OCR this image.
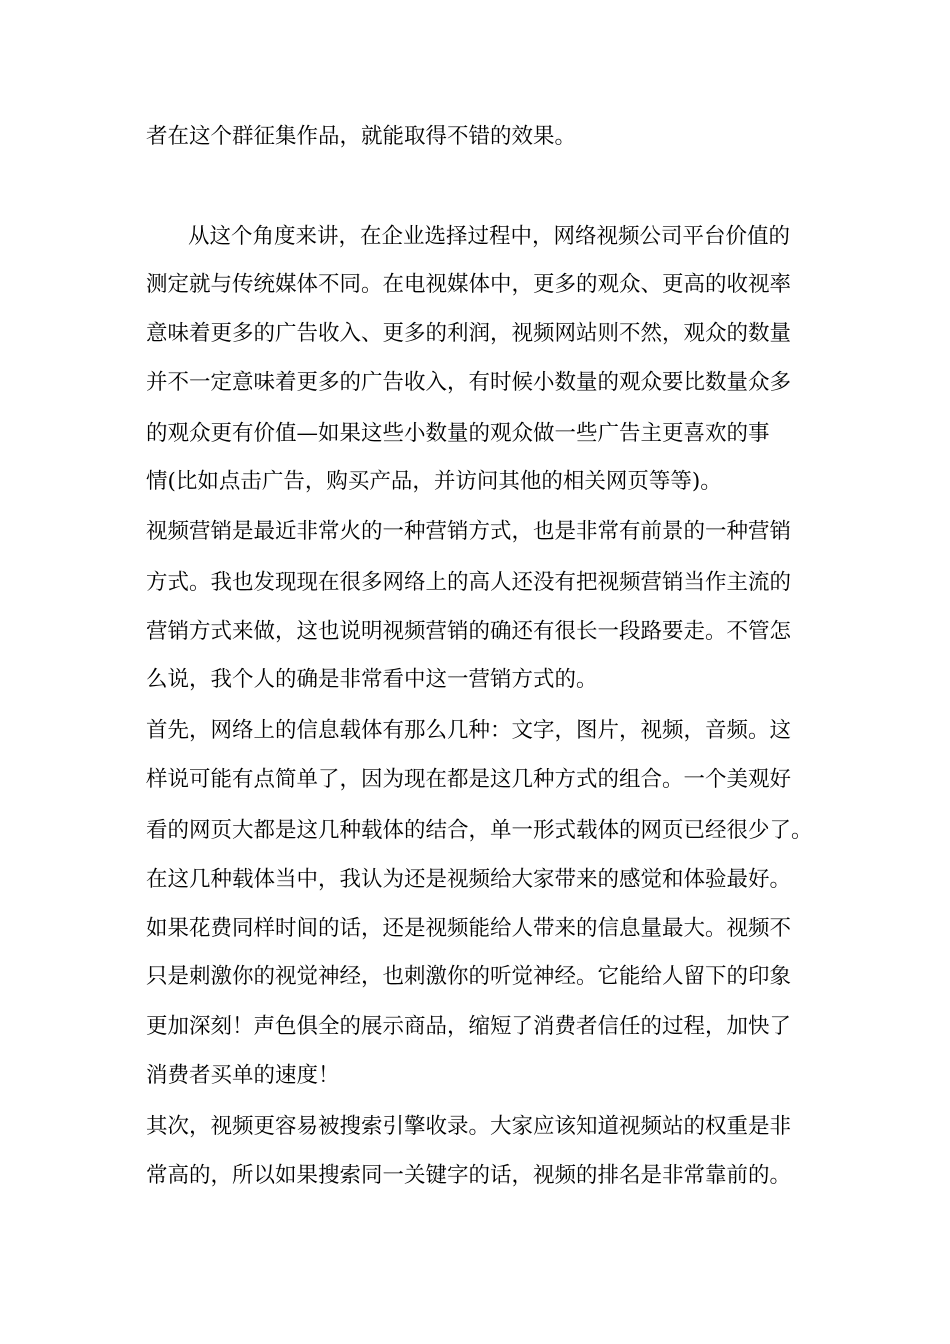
者在这个群征集作品，就能取得不错的效果。
从这个角度来讲，在企业选择过程中，网络视频公司平台价值的
测定就与传统媒体不同。在电视媒体中，更多的观众、更高的收视率
意味着更多的广告收入、更多的利润，视频网站则不然，观众的数量
并不一定意味着更多的广告收入，有时候小数量的观众要比数量众多
的观众更有价值—如果这些小数量的观众做一些广告主更喜欢的事
情(比如点击广告，购买产品，并访问其他的相关网页等等)。
视频营销是最近非常火的一种营销方式，也是非常有前景的一种营销
方式。我也发现现在很多网络上的高人还没有把视频营销当作主流的
营销方式来做，这也说明视频营销的确还有很长一段路要走。不管怎
么说，我个人的确是非常看中这一营销方式的。
首先，网络上的信息载体有那么几种：文字，图片，视频，音频。这
样说可能有点简单了，因为现在都是这几种方式的组合。一个美观好
看的网页大都是这几种载体的结合，单一形式载体的网页已经很少了。
在这几种载体当中，我认为还是视频给大家带来的感觉和体验最好。
如果花费同样时间的话，还是视频能给人带来的信息量最大。视频不
只是刺激你的视觉神经，也刺激你的听觉神经。它能给人留下的印象
更加深刻！声色俱全的展示商品，缩短了消费者信任的过程，加快了
消费者买单的速度！
其次，视频更容易被搜索引擎收录。大家应该知道视频站的权重是非
常高的，所以如果搜索同一关键字的话，视频的排名是非常靠前的。
